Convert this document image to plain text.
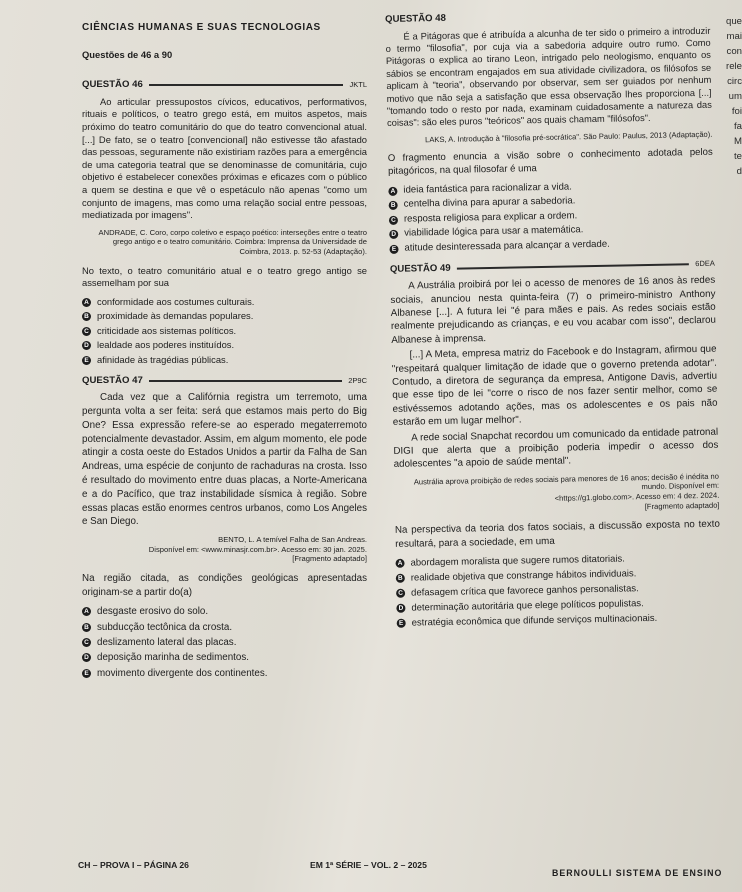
CIÊNCIAS HUMANAS E SUAS TECNOLOGIAS
Questões de 46 a 90
QUESTÃO 46	JKTL

Ao articular pressupostos cívicos, educativos, performativos, rituais e políticos, o teatro grego está, em muitos aspetos, mais próximo do teatro comunitário do que do teatro convencional atual. [...] De fato, se o teatro [convencional] não estivesse tão afastado das pessoas, seguramente não existiriam razões para a emergência de uma categoria teatral que se denominasse de comunitária, cujo objetivo é estabelecer conexões próximas e eficazes com o público a quem se destina e que vê o espetáculo não apenas "como um conjunto de imagens, mas como uma relação social entre pessoas, mediatizada por imagens".

ANDRADE, C. Coro, corpo coletivo e espaço poético: interseções entre o teatro grego antigo e o teatro comunitário. Coimbra: Imprensa da Universidade de Coimbra, 2013. p. 52-53 (Adaptação).

No texto, o teatro comunitário atual e o teatro grego antigo se assemelham por sua

A conformidade aos costumes culturais.
B proximidade às demandas populares.
C criticidade aos sistemas políticos.
D lealdade aos poderes instituídos.
E afinidade às tragédias públicas.
QUESTÃO 47	2P9C

Cada vez que a Califórnia registra um terremoto, uma pergunta volta a ser feita: será que estamos mais perto do Big One? Essa expressão refere-se ao esperado megaterremoto potencialmente devastador. Assim, em algum momento, ele pode atingir a costa oeste do Estados Unidos a partir da Falha de San Andreas, uma espécie de conjunto de rachaduras na crosta. Isso é resultado do movimento entre duas placas, a Norte-Americana e a do Pacífico, que traz instabilidade sísmica à região. Sobre essas placas estão enormes centros urbanos, como Los Angeles e San Diego.

BENTO, L. A temível Falha de San Andreas.
Disponível em: <www.minasjr.com.br>. Acesso em: 30 jan. 2025.
[Fragmento adaptado]

Na região citada, as condições geológicas apresentadas originam-se a partir do(a)

A desgaste erosivo do solo.
B subducção tectônica da crosta.
C deslizamento lateral das placas.
D deposição marinha de sedimentos.
E movimento divergente dos continentes.
QUESTÃO 48

É a Pitágoras que é atribuída a alcunha de ter sido o primeiro a introduzir o termo "filosofia", por cuja via a sabedoria adquire outro rumo. Como Pitágoras o explica ao tirano Leon, intrigado pelo neologismo, enquanto os sábios se encontram engajados em sua atividade civilizadora, os filósofos se aplicam à "teoria", observando por observar, sem ser guiados por nenhum motivo que não seja a satisfação que essa observação lhes proporciona [...] "tomando todo o resto por nada, examinam cuidadosamente a natureza das coisas": são eles puros "teóricos" aos quais chamam "filósofos".

LAKS, A. Introdução à "filosofia pré-socrática". São Paulo: Paulus, 2013 (Adaptação).

O fragmento enuncia a visão sobre o conhecimento adotada pelos pitagóricos, na qual filosofar é uma

A ideia fantástica para racionalizar a vida.
B centelha divina para apurar a sabedoria.
C resposta religiosa para explicar a ordem.
D viabilidade lógica para usar a matemática.
E atitude desinteressada para alcançar a verdade.
QUESTÃO 49	6DEA

A Austrália proibirá por lei o acesso de menores de 16 anos às redes sociais, anunciou nesta quinta-feira (7) o primeiro-ministro Anthony Albanese [...]. A futura lei "é para mães e pais. As redes sociais estão realmente prejudicando as crianças, e eu vou acabar com isso", declarou Albanese à imprensa.

[...] A Meta, empresa matriz do Facebook e do Instagram, afirmou que "respeitará qualquer limitação de idade que o governo pretenda adotar". Contudo, a diretora de segurança da empresa, Antigone Davis, advertiu que esse tipo de lei "corre o risco de nos fazer sentir melhor, como se estivéssemos adotando ações, mas os adolescentes e os pais não estarão em um lugar melhor".

A rede social Snapchat recordou um comunicado da entidade patronal DIGI que alerta que a proibição poderia impedir o acesso dos adolescentes "a apoio de saúde mental".

Austrália aprova proibição de redes sociais para menores de 16 anos; decisão é inédita no mundo. Disponível em:
<https://g1.globo.com>. Acesso em: 4 dez. 2024.
[Fragmento adaptado]

Na perspectiva da teoria dos fatos sociais, a discussão exposta no texto resultará, para a sociedade, em uma

A abordagem moralista que sugere rumos ditatoriais.
B realidade objetiva que constrange hábitos individuais.
C defasagem crítica que favorece ganhos personalistas.
D determinação autoritária que elege políticos populistas.
E estratégia econômica que difunde serviços multinacionais.
que
mai
con
rele
circ
um
foi
fa
M
te
d
CH – PROVA I – PÁGINA 26	EM 1ª SÉRIE – VOL. 2 – 2025
BERNOULLI SISTEMA DE ENSINO
